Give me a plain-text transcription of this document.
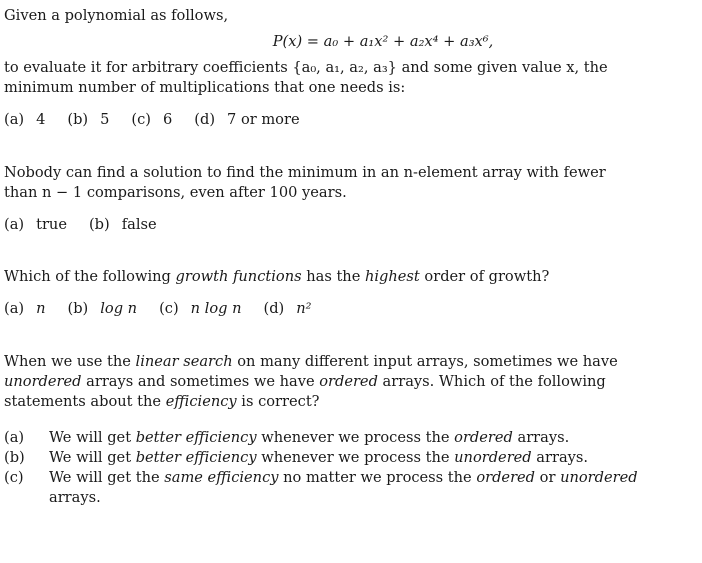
Given a polynomial as follows,
P(x) = a₀ + a₁x² + a₂x⁴ + a₃x⁶,
to evaluate it for arbitrary coefficients {a₀, a₁, a₂, a₃} and some given value x, the
minimum number of multiplications that one needs is:
(a) 4 (b) 5 (c) 6 (d) 7 or more
Nobody can find a solution to find the minimum in an n-element array with fewer
than n − 1 comparisons, even after 100 years.
(a) true (b) false
Which of the following growth functions has the highest order of growth?
(a) n (b) log n (c) n log n (d) n²
When we use the linear search on many different input arrays, sometimes we have
unordered arrays and sometimes we have ordered arrays. Which of the following
statements about the efficiency is correct?
(a)	We will get better efficiency whenever we process the ordered arrays.
(b)	We will get better efficiency whenever we process the unordered arrays.
(c)	We will get the same efficiency no matter we process the ordered or unordered
arrays.
